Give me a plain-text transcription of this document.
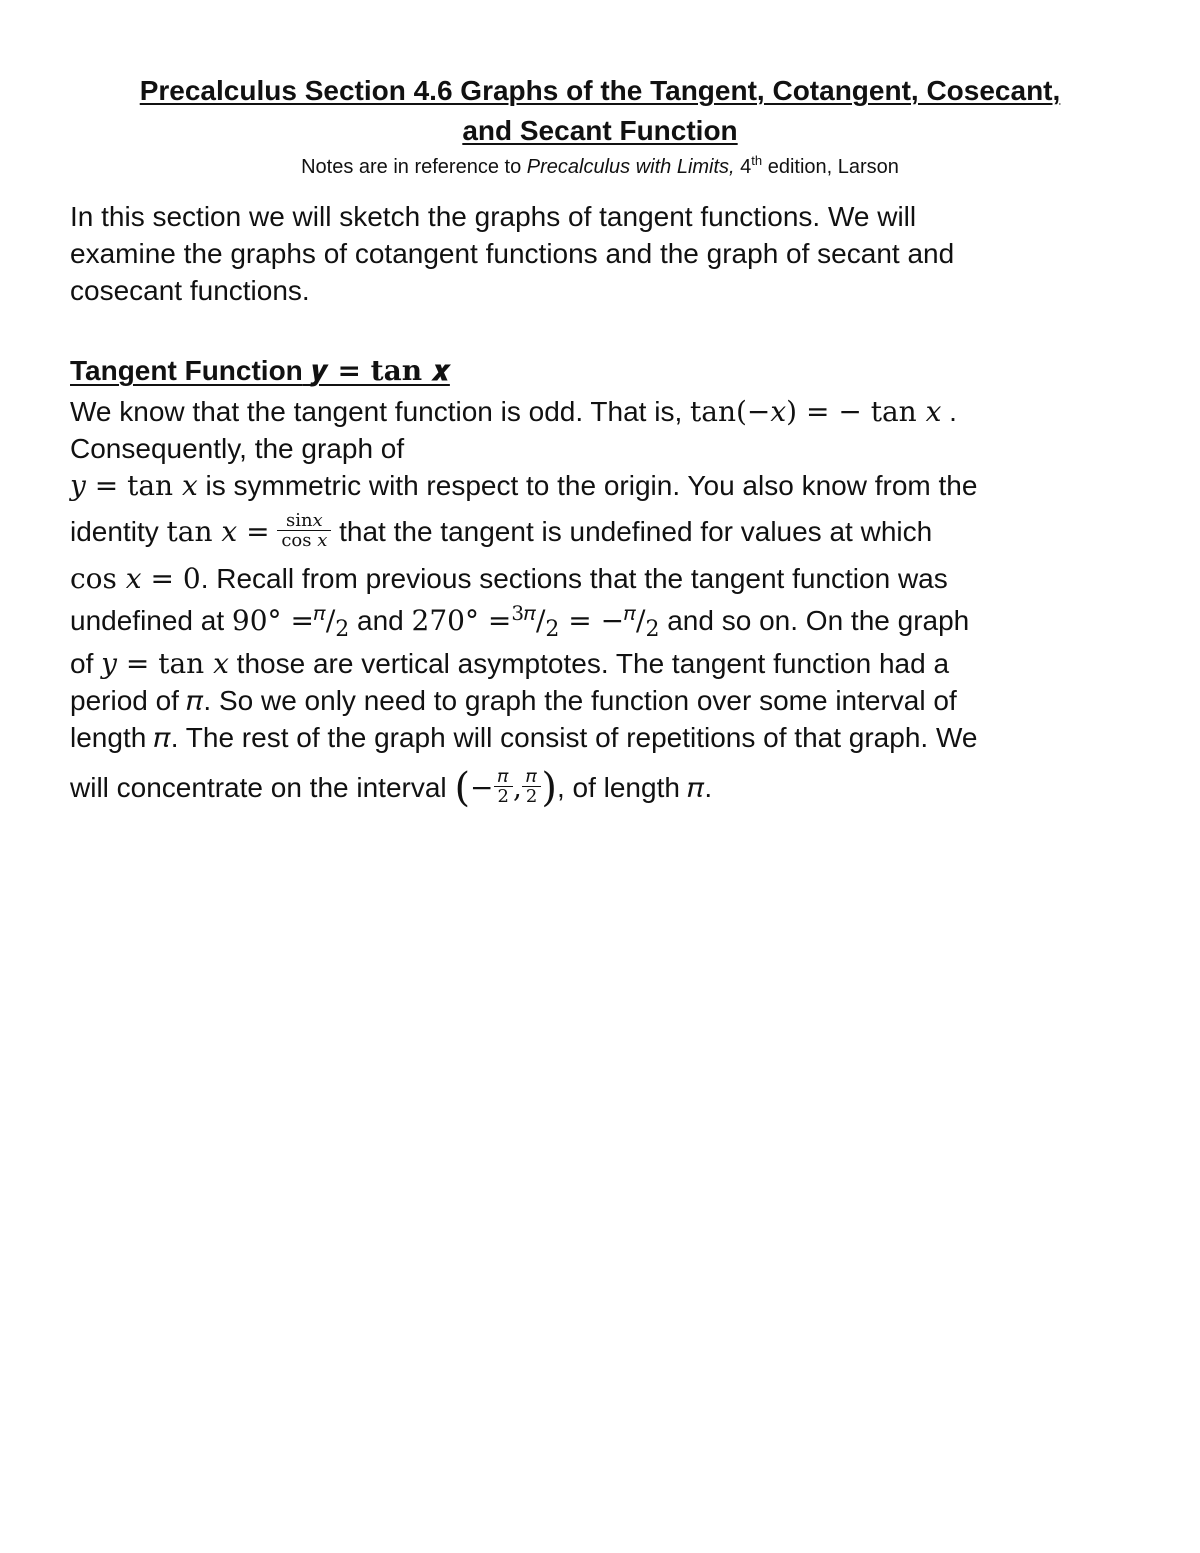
Precalculus Section 4.6 Graphs of the Tangent, Cotangent, Cosecant,
and Secant Function
Notes are in reference to Precalculus with Limits, 4th edition, Larson
In this section we will sketch the graphs of tangent functions. We will
examine the graphs of cotangent functions and the graph of secant and
cosecant functions.
Tangent Function 𝒚 = 𝐭𝐚𝐧 𝒙
We know that the tangent function is odd. That is, tan(−𝑥) = − tan 𝑥 .
Consequently, the graph of
𝑦 = tan 𝑥 is symmetric with respect to the origin. You also know from the
identity tan 𝑥 = $\frac{\text{sin𝑥}}{\text{cos 𝑥}}$ that the tangent is undefined for values at which
cos 𝑥 = 0. Recall from previous sections that the tangent function was
undefined at $90^\circ =^𝜋/_2$ and $270^\circ =^{3𝜋}/_2 = -^𝜋/_2$ and so on. On the graph
of 𝑦 = tan 𝑥 those are vertical asymptotes. The tangent function had a
period of 𝜋. So we only need to graph the function over some interval of
length 𝜋. The rest of the graph will consist of repetitions of that graph. We
will concentrate on the interval (− $\frac{\text{𝜋}}{2}$ , $\frac{\text{𝜋}}{2}$ ), of length 𝜋.
